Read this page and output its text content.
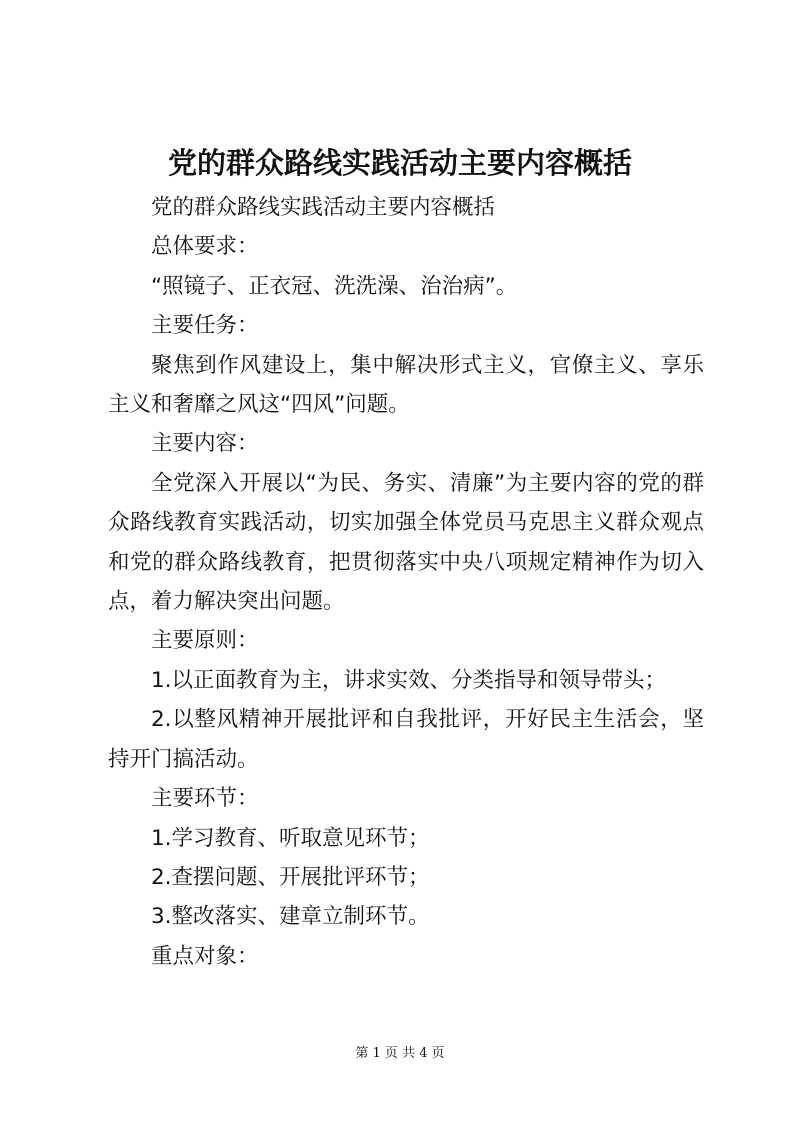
党的群众路线实践活动主要内容概括

党的群众路线实践活动主要内容概括

总体要求：

“照镜子、正衣冠、洗洗澡、治治病”。

主要任务：

聚焦到作风建设上，集中解决形式主义，官僚主义、享乐主义和奢靡之风这“四风”问题。

主要内容：

全党深入开展以“为民、务实、清廉”为主要内容的党的群众路线教育实践活动，切实加强全体党员马克思主义群众观点和党的群众路线教育，把贯彻落实中央八项规定精神作为切入点，着力解决突出问题。

主要原则：

1.以正面教育为主，讲求实效、分类指导和领导带头；

2.以整风精神开展批评和自我批评，开好民主生活会，坚持开门搞活动。

主要环节：

1.学习教育、听取意见环节；

2.查摆问题、开展批评环节；

3.整改落实、建章立制环节。

重点对象：

第 1 页 共 4 页
